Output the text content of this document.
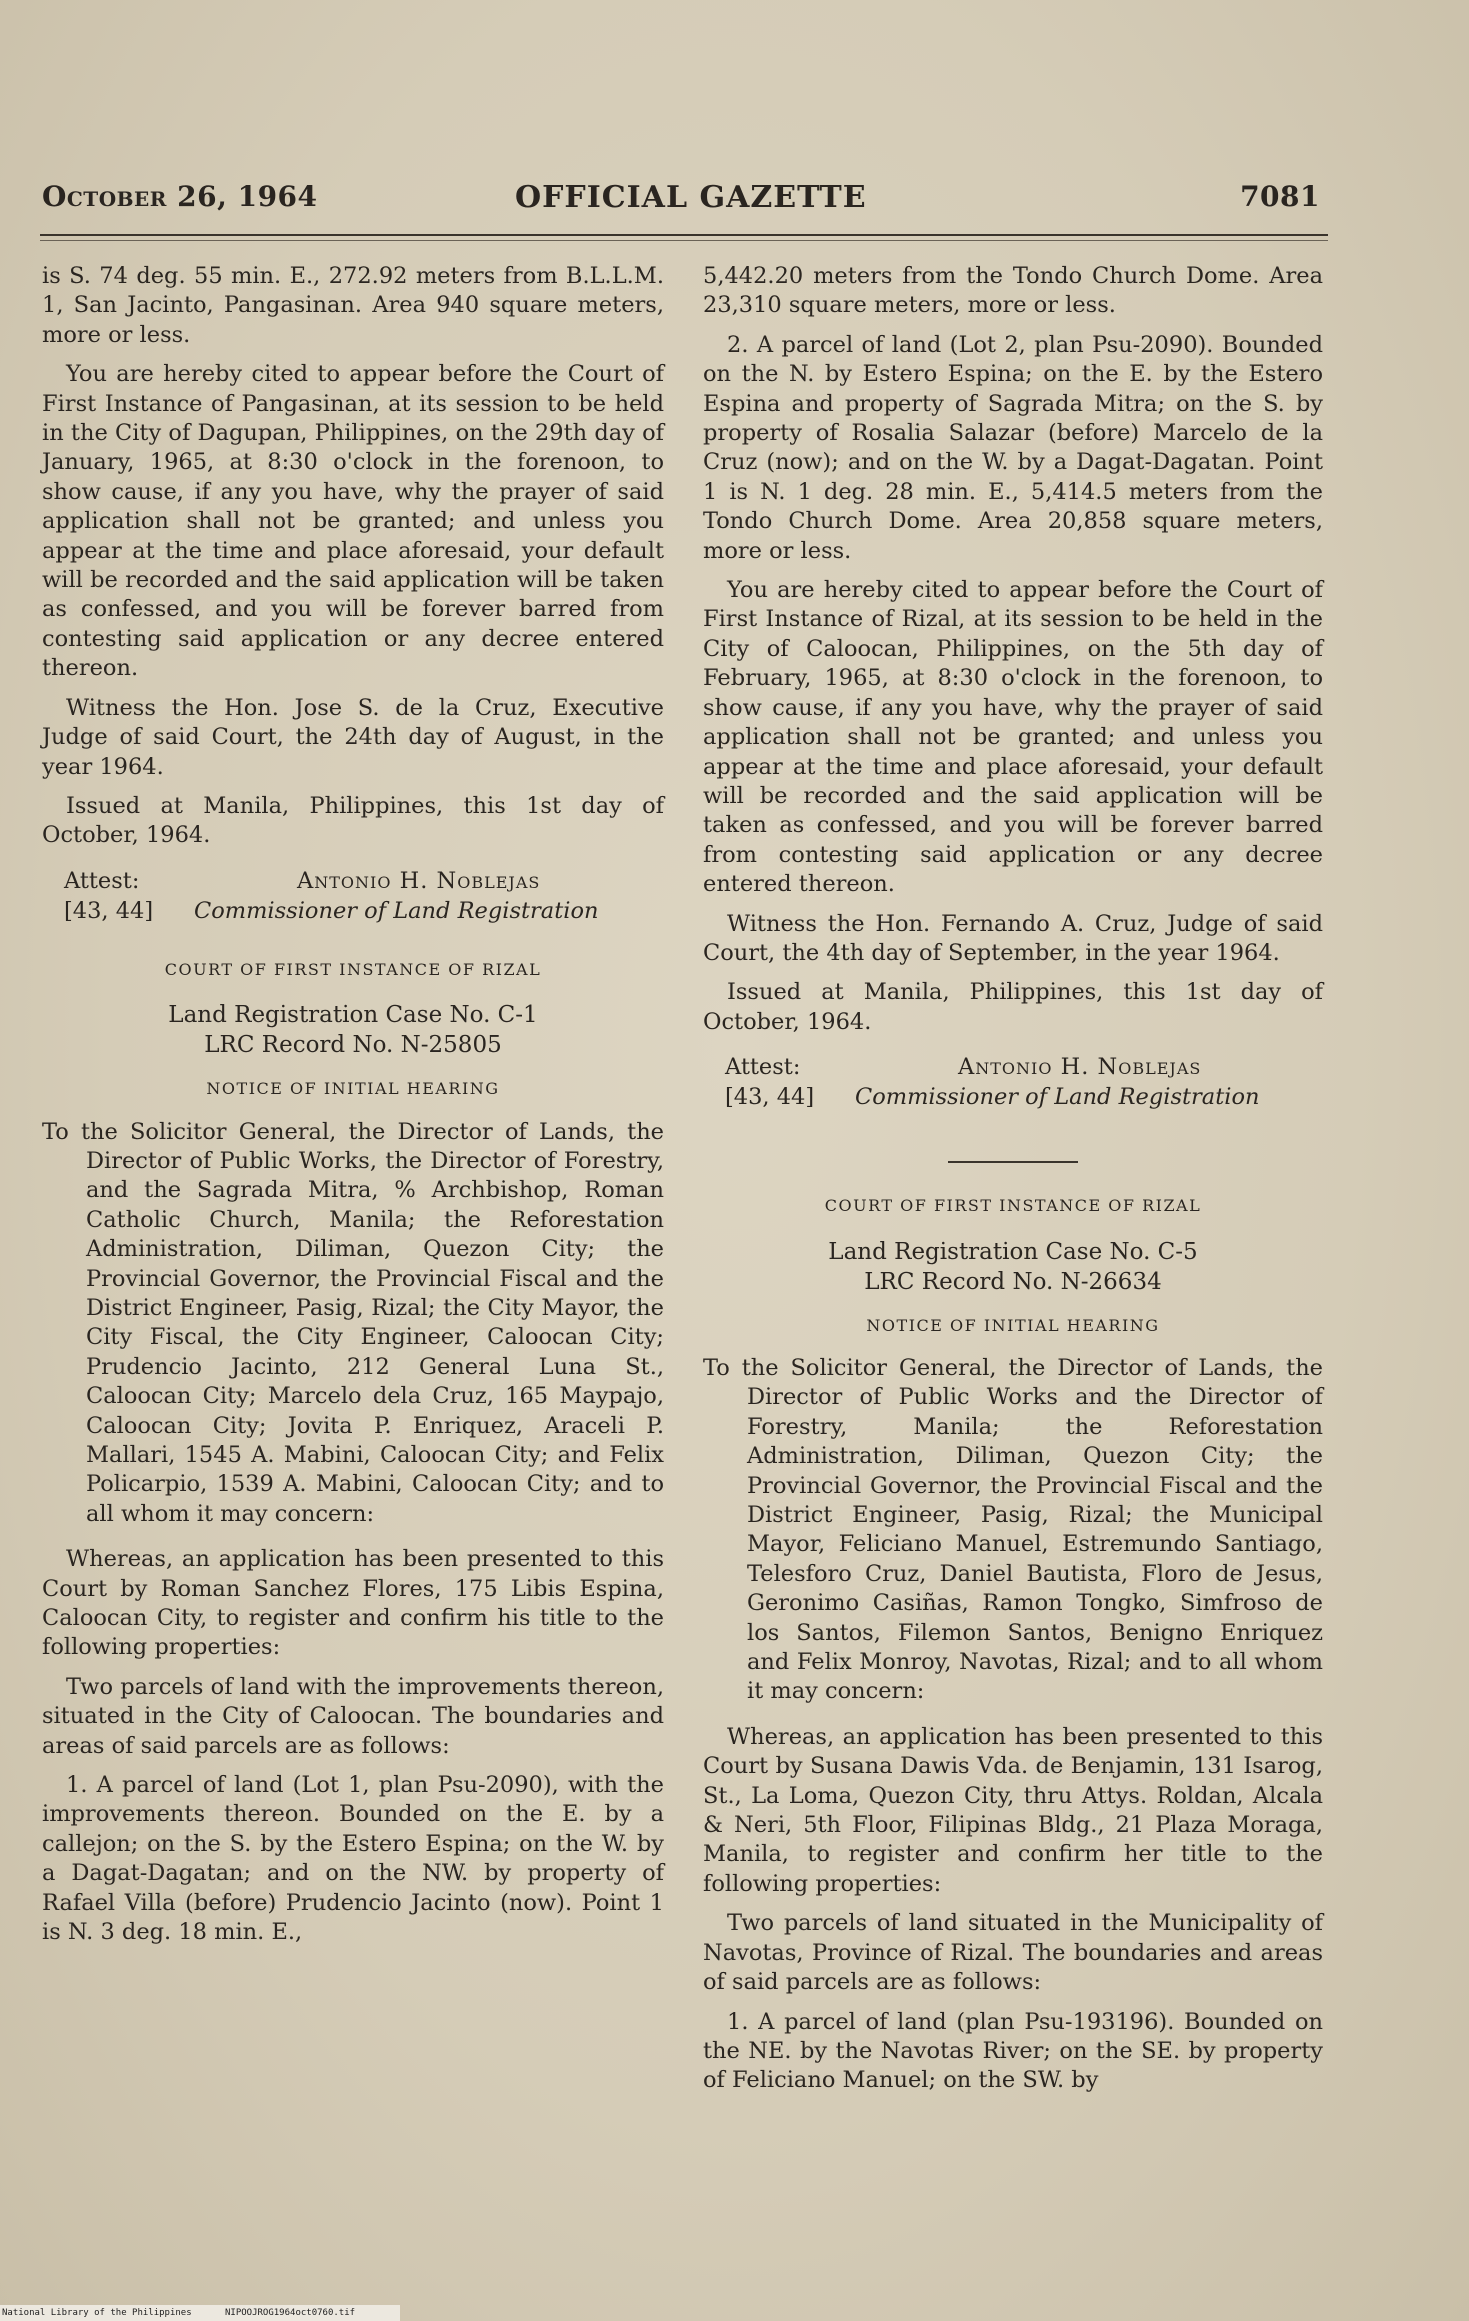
October 26, 1964	OFFICIAL GAZETTE	7081

is S. 74 deg. 55 min. E., 272.92 meters from B.L.L.M. 1, San Jacinto, Pangasinan. Area 940 square meters, more or less.

You are hereby cited to appear before the Court of First Instance of Pangasinan, at its session to be held in the City of Dagupan, Philippines, on the 29th day of January, 1965, at 8:30 o'clock in the forenoon, to show cause, if any you have, why the prayer of said application shall not be granted; and unless you appear at the time and place aforesaid, your default will be recorded and the said application will be taken as confessed, and you will be forever barred from contesting said application or any decree entered thereon.

Witness the Hon. Jose S. de la Cruz, Executive Judge of said Court, the 24th day of August, in the year 1964.

Issued at Manila, Philippines, this 1st day of October, 1964.

Attest:	Antonio H. Noblejas
[43, 44] Commissioner of Land Registration
COURT OF FIRST INSTANCE OF RIZAL
Land Registration Case No. C-1
LRC Record No. N-25805
NOTICE OF INITIAL HEARING
To the Solicitor General, the Director of Lands, the Director of Public Works, the Director of Forestry, and the Sagrada Mitra, % Archbishop, Roman Catholic Church, Manila; the Reforestation Administration, Diliman, Quezon City; the Provincial Governor, the Provincial Fiscal and the District Engineer, Pasig, Rizal; the City Mayor, the City Fiscal, the City Engineer, Caloocan City; Prudencio Jacinto, 212 General Luna St., Caloocan City; Marcelo dela Cruz, 165 Maypajo, Caloocan City; Jovita P. Enriquez, Araceli P. Mallari, 1545 A. Mabini, Caloocan City; and Felix Policarpio, 1539 A. Mabini, Caloocan City; and to all whom it may concern:

Whereas, an application has been presented to this Court by Roman Sanchez Flores, 175 Libis Espina, Caloocan City, to register and confirm his title to the following properties:

Two parcels of land with the improvements thereon, situated in the City of Caloocan. The boundaries and areas of said parcels are as follows:

1. A parcel of land (Lot 1, plan Psu-2090), with the improvements thereon. Bounded on the E. by a callejon; on the S. by the Estero Espina; on the W. by a Dagat-Dagatan; and on the NW. by property of Rafael Villa (before) Prudencio Jacinto (now). Point 1 is N. 3 deg. 18 min. E.,

5,442.20 meters from the Tondo Church Dome. Area 23,310 square meters, more or less.

2. A parcel of land (Lot 2, plan Psu-2090). Bounded on the N. by Estero Espina; on the E. by the Estero Espina and property of Sagrada Mitra; on the S. by property of Rosalia Salazar (before) Marcelo de la Cruz (now); and on the W. by a Dagat-Dagatan. Point 1 is N. 1 deg. 28 min. E., 5,414.5 meters from the Tondo Church Dome. Area 20,858 square meters, more or less.

You are hereby cited to appear before the Court of First Instance of Rizal, at its session to be held in the City of Caloocan, Philippines, on the 5th day of February, 1965, at 8:30 o'clock in the forenoon, to show cause, if any you have, why the prayer of said application shall not be granted; and unless you appear at the time and place aforesaid, your default will be recorded and the said application will be taken as confessed, and you will be forever barred from contesting said application or any decree entered thereon.

Witness the Hon. Fernando A. Cruz, Judge of said Court, the 4th day of September, in the year 1964.

Issued at Manila, Philippines, this 1st day of October, 1964.

Attest:	Antonio H. Noblejas
[43, 44] Commissioner of Land Registration
COURT OF FIRST INSTANCE OF RIZAL
Land Registration Case No. C-5
LRC Record No. N-26634
NOTICE OF INITIAL HEARING
To the Solicitor General, the Director of Lands, the Director of Public Works and the Director of Forestry, Manila; the Reforestation Administration, Diliman, Quezon City; the Provincial Governor, the Provincial Fiscal and the District Engineer, Pasig, Rizal; the Municipal Mayor, Feliciano Manuel, Estremundo Santiago, Telesforo Cruz, Daniel Bautista, Floro de Jesus, Geronimo Casiñas, Ramon Tongko, Simfroso de los Santos, Filemon Santos, Benigno Enriquez and Felix Monroy, Navotas, Rizal; and to all whom it may concern:

Whereas, an application has been presented to this Court by Susana Dawis Vda. de Benjamin, 131 Isarog, St., La Loma, Quezon City, thru Attys. Roldan, Alcala & Neri, 5th Floor, Filipinas Bldg., 21 Plaza Moraga, Manila, to register and confirm her title to the following properties:

Two parcels of land situated in the Municipality of Navotas, Province of Rizal. The boundaries and areas of said parcels are as follows:

1. A parcel of land (plan Psu-193196). Bounded on the NE. by the Navotas River; on the SE. by property of Feliciano Manuel; on the SW. by

National Library of the Philippines	NIPOOJROG1964oct0760.tif
